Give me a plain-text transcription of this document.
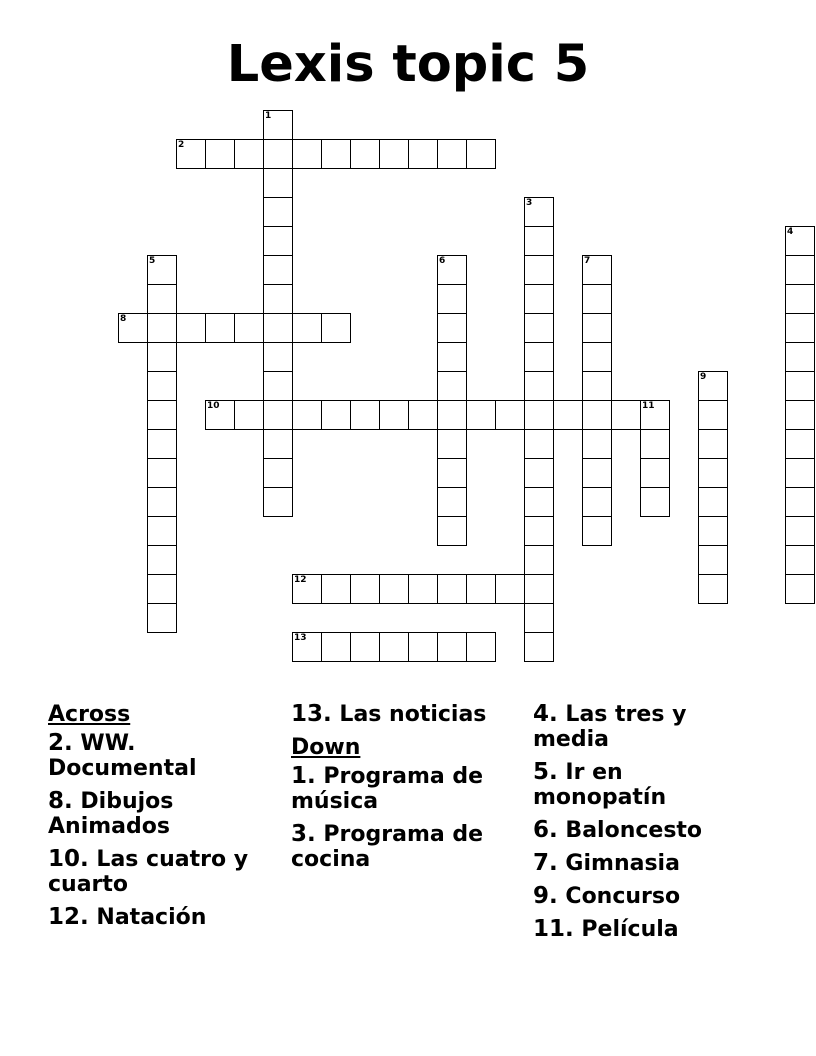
Lexis topic 5
1
2
3
4
5	6	7
8
9
10	11
12
13
Across
2. WW. Documental
8. Dibujos Animados
10. Las cuatro y cuarto
12. Natación
13. Las noticias
Down
1. Programa de música
3. Programa de cocina
4. Las tres y media
5. Ir en monopatín
6. Baloncesto
7. Gimnasia
9. Concurso
11. Película
